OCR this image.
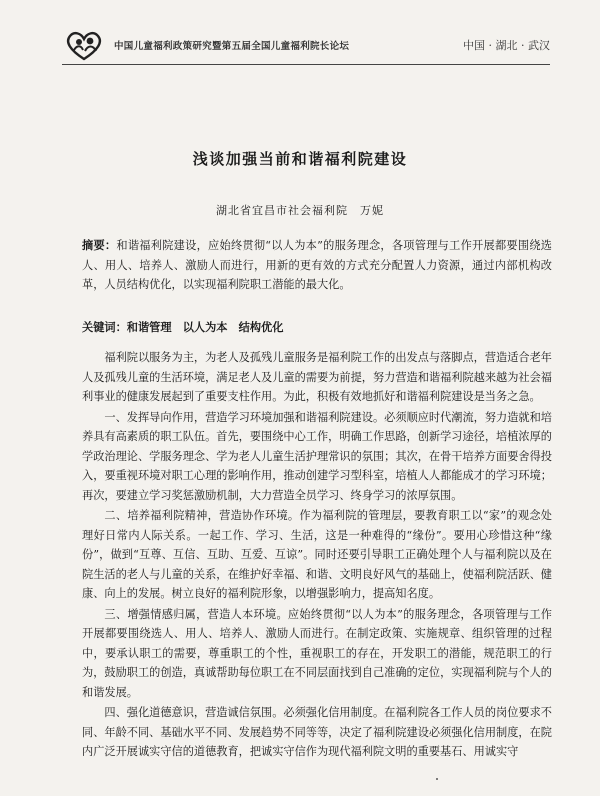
中国儿童福利政策研究暨第五届全国儿童福利院长论坛	中国 · 湖北 · 武汉
浅谈加强当前和谐福利院建设
湖北省宜昌市社会福利院　万妮
摘要：和谐福利院建设，应始终贯彻“以人为本”的服务理念，各项管理与工作开展都要围绕选人、用人、培养人、激励人而进行，用新的更有效的方式充分配置人力资源，通过内部机构改革，人员结构优化，以实现福利院职工潜能的最大化。
关键词：和谐管理　以人为本　结构优化

福利院以服务为主，为老人及孤残儿童服务是福利院工作的出发点与落脚点，营造适合老年人及孤残儿童的生活环境，满足老人及儿童的需要为前提，努力营造和谐福利院越来越为社会福利事业的健康发展起到了重要支柱作用。为此，积极有效地抓好和谐福利院建设是当务之急。

一、发挥导向作用，营造学习环境加强和谐福利院建设。必须顺应时代潮流，努力造就和培养具有高素质的职工队伍。首先，要围绕中心工作，明确工作思路，创新学习途径，培植浓厚的学政治理论、学服务理念、学为老人儿童生活护理常识的氛围；其次，在骨干培养方面要舍得投入，要重视环境对职工心理的影响作用，推动创建学习型科室，培植人人都能成才的学习环境；再次，要建立学习奖惩激励机制，大力营造全员学习、终身学习的浓厚氛围。

二、培养福利院精神，营造协作环境。作为福利院的管理层，要教育职工以“家”的观念处理好日常内人际关系。一起工作、学习、生活，这是一种难得的“缘份”。要用心珍惜这种“缘份”，做到“互尊、互信、互助、互爱、互谅”。同时还要引导职工正确处理个人与福利院以及在院生活的老人与儿童的关系，在维护好幸福、和谐、文明良好风气的基础上，使福利院活跃、健康、向上的发展。树立良好的福利院形象，以增强影响力，提高知名度。

三、增强情感归属，营造人本环境。应始终贯彻“以人为本”的服务理念，各项管理与工作开展都要围绕选人、用人、培养人、激励人而进行。在制定政策、实施规章、组织管理的过程中，要承认职工的需要，尊重职工的个性，重视职工的存在，开发职工的潜能，规范职工的行为，鼓励职工的创造，真诚帮助每位职工在不同层面找到自己准确的定位，实现福利院与个人的和谐发展。

四、强化道德意识，营造诚信氛围。必须强化信用制度。在福利院各工作人员的岗位要求不同、年龄不同、基础水平不同、发展趋势不同等等，决定了福利院建设必须强化信用制度，在院内广泛开展诚实守信的道德教育，把诚实守信作为现代福利院文明的重要基石、用诚实守
